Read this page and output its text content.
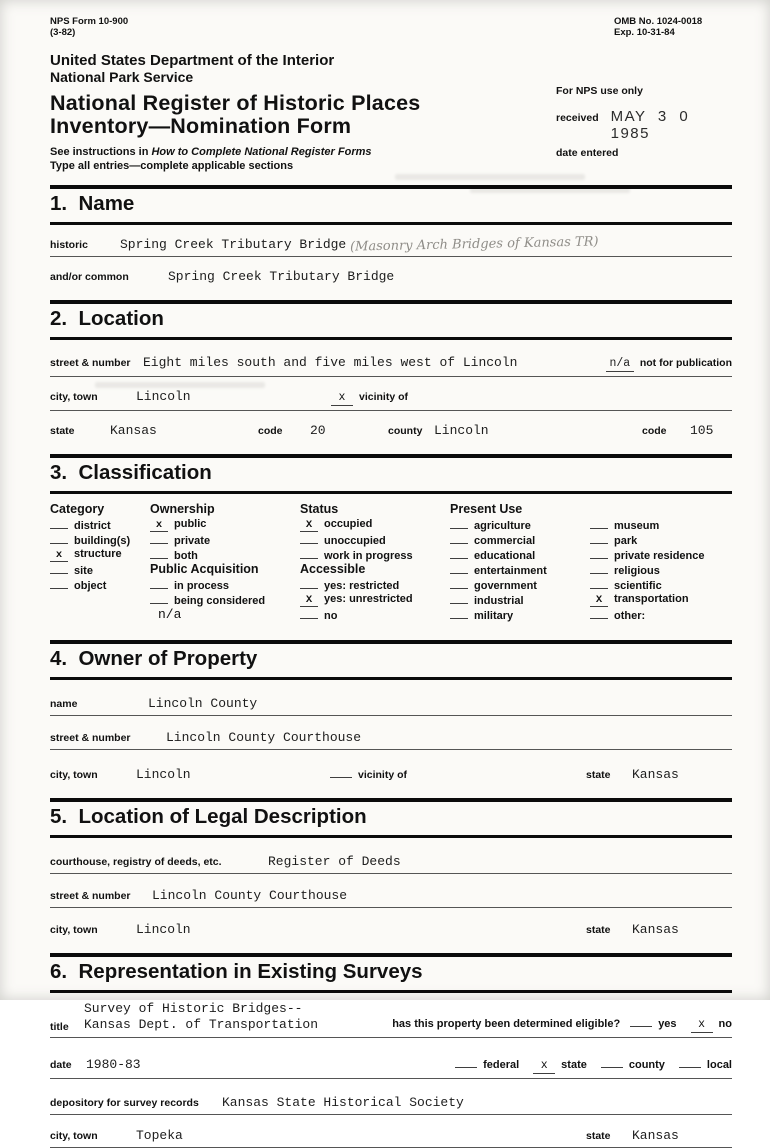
NPS Form 10-900
(3-82)
OMB No. 1024-0018
Exp. 10-31-84
United States Department of the Interior
National Park Service
National Register of Historic Places
Inventory—Nomination Form
See instructions in How to Complete National Register Forms
Type all entries—complete applicable sections
For NPS use only
received MAY 3 0 1985
date entered
1.  Name
historic	Spring Creek Tributary Bridge (Masonry Arch Bridges of Kansas TR)
and/or common	Spring Creek Tributary Bridge
2.  Location
street & number Eight miles south and five miles west of Lincoln	n/a not for publication
city, town	Lincoln	x	vicinity of
state	Kansas	code	20	county Lincoln	code	105
3.  Classification
Category
district
building(s)
x	structure
site
object
Ownership
x	public
private
both
Public Acquisition
in process
being considered
n/a
Status
X	occupied
unoccupied
work in progress
Accessible
yes: restricted
X	yes: unrestricted
no
Present Use
agriculture
commercial
educational
entertainment
government
industrial
military

museum
park
private residence
religious
scientific
X	transportation
other:
4.  Owner of Property
name	Lincoln County
street & number	Lincoln County Courthouse
city, town	Lincoln	vicinity of	state	Kansas
5.  Location of Legal Description
courthouse, registry of deeds, etc.	Register of Deeds
street & number	Lincoln County Courthouse
city, town	Lincoln	state	Kansas
6.  Representation in Existing Surveys
title
Survey of Historic Bridges--
Kansas Dept. of Transportation	has this property been determined eligible?	yes	x	no
date	1980-83	federal	x	state	county	local
depository for survey records	Kansas State Historical Society
city, town	Topeka	state	Kansas
